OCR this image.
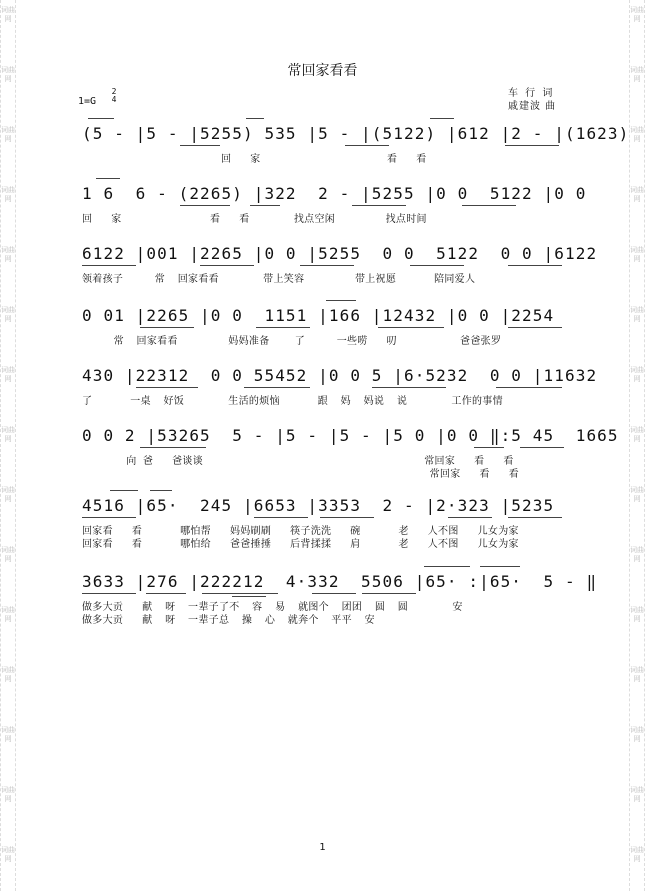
词曲网
词曲网
词曲网
词曲网
词曲网
词曲网
词曲网
词曲网
词曲网
词曲网
词曲网
词曲网
词曲网
词曲网
词曲网
词曲网
词曲网
词曲网
词曲网
词曲网
词曲网
词曲网
词曲网
词曲网
词曲网
词曲网
词曲网
词曲网
词曲网
词曲网
常回家看看
车 行 词
戚建波 曲
1=G
2
4
(5 - |5 - |5255) 535 |5 - |(5122) |612 |2 - |(1623)
回   家                    看   看
1 6  6 - (2265) |322  2 - |5255 |0 0  5122 |0 0
回   家              看   看       找点空闲        找点时间
6122 |001 |2265 |0 0 |5255  0 0  5122  0 0 |6122
领着孩子     常  回家看看       带上笑容        带上祝愿      陪同爱人
0 01 |2265 |0 0  1151 |166 |12432 |0 0 |2254
常  回家看看        妈妈准备    了     一些唠   叨          爸爸张罗
430 |22312  0 0 55452 |0 0 5 |6·5232  0 0 |11632
了      一桌  好饭       生活的烦恼      跟  妈  妈说  说       工作的事情
0 0 2 |53265  5 - |5 - |5 - |5 0 |0 0 ‖:5 45  1665
向 爸   爸谈谈                                   常回家   看   看
常回家   看   看
4516 |65·  245 |6653 |3353  2 - |2·323 |5235
回家看   看      哪怕帮   妈妈刷刷   筷子洗洗   碗      老   人不图   儿女为家
回家看   看      哪怕给   爸爸捶捶   后背揉揉   肩      老   人不图   儿女为家
3633 |276 |222212  4·332  5506 |65· :|65·  5 - ‖
做多大贡   献  呀  一辈子了不  容  易  就图个  团团  圆  圆       安
做多大贡   献  呀  一辈子总  操  心  就奔个  平平  安
1
